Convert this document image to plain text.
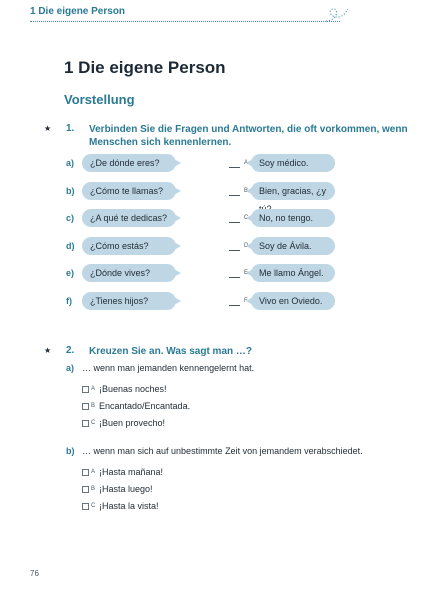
1 Die eigene Person
1 Die eigene Person
Vorstellung
★ 1. Verbinden Sie die Fragen und Antworten, die oft vorkommen, wenn
Menschen sich kennenlernen.
a)	¿De dónde eres?	A	Soy médico.
b)	¿Cómo te llamas?	B	Bien, gracias, ¿y
c)	¿A qué te dedicas?	C	No, no tengo.
d)	¿Cómo estás?	D	Soy de Ávila.
e)	¿Dónde vives?	E	Me llamo Ángel.
f)	¿Tienes hijos?	F	Vivo en Oviedo.
★ 2. Kreuzen Sie an. Was sagt man …?
a) … wenn man jemanden kennengelernt hat.
A ¡Buenas noches!
B Encantado/Encantada.
C ¡Buen provecho!
b) … wenn man sich auf unbestimmte Zeit von jemandem verabschiedet.
A ¡Hasta mañana!
B ¡Hasta luego!
C ¡Hasta la vista!
76
